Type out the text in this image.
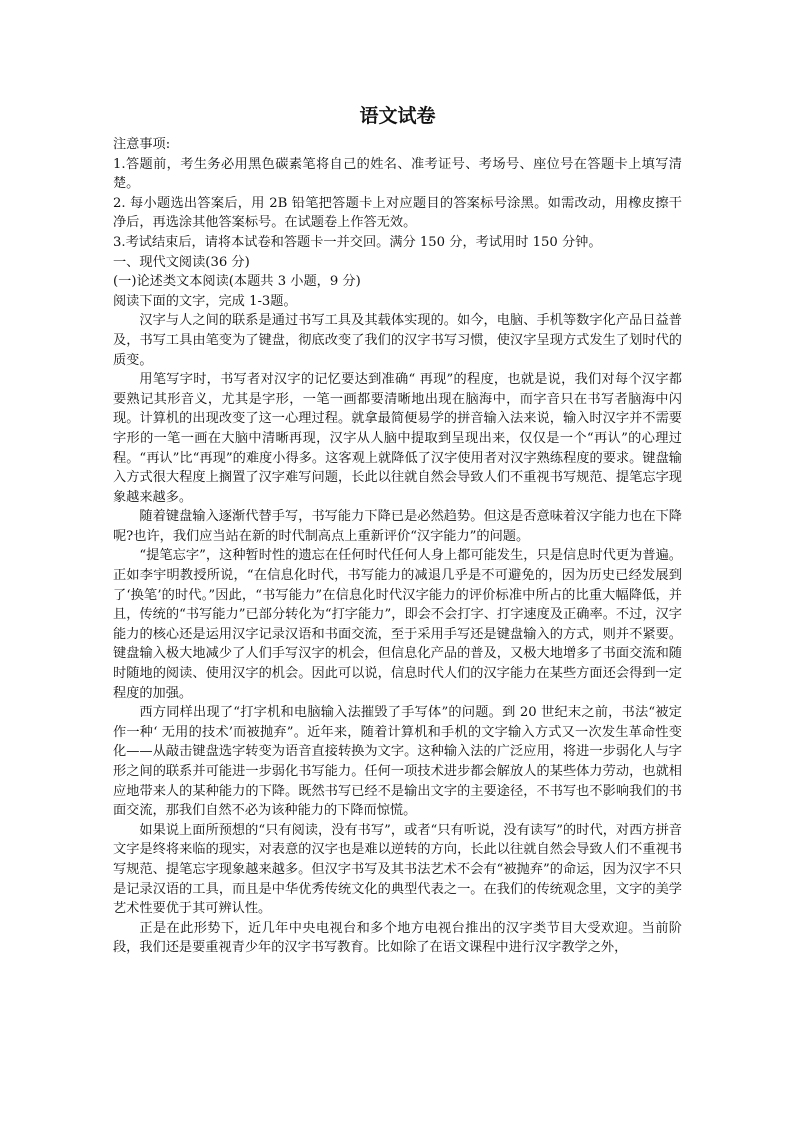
语文试卷

注意事项:

1.答题前，考生务必用黑色碳素笔将自己的姓名、准考证号、考场号、座位号在答题卡上填写清楚。

2. 每小题选出答案后，用 2B 铅笔把答题卡上对应题目的答案标号涂黑。如需改动，用橡皮擦干净后，再选涂其他答案标号。在试题卷上作答无效。

3.考试结束后，请将本试卷和答题卡一并交回。满分 150 分，考试用时 150 分钟。

一、现代文阅读(36 分)

(一)论述类文本阅读(本题共 3 小题，9 分)

阅读下面的文字，完成 1-3题。

汉字与人之间的联系是通过书写工具及其载体实现的。如今，电脑、手机等数字化产品日益普及，书写工具由笔变为了键盘，彻底改变了我们的汉字书写习惯，使汉字呈现方式发生了划时代的质变。

用笔写字时，书写者对汉字的记忆要达到准确“ 再现”的程度，也就是说，我们对每个汉字都要熟记其形音义，尤其是字形，一笔一画都要清晰地出现在脑海中，而字音只在书写者脑海中闪现。计算机的出现改变了这一心理过程。就拿最简便易学的拼音输入法来说，输入时汉字并不需要字形的一笔一画在大脑中清晰再现，汉字从人脑中提取到呈现出来，仅仅是一个“再认”的心理过程。“再认”比“再现”的难度小得多。这客观上就降低了汉字使用者对汉字熟练程度的要求。键盘输入方式很大程度上搁置了汉字难写问题，长此以往就自然会导致人们不重视书写规范、提笔忘字现象越来越多。

随着键盘输入逐渐代替手写，书写能力下降已是必然趋势。但这是否意味着汉字能力也在下降呢?也许，我们应当站在新的时代制高点上重新评价“汉字能力”的问题。

“提笔忘字”，这种暂时性的遗忘在任何时代任何人身上都可能发生，只是信息时代更为普遍。正如李宇明教授所说，“在信息化时代，书写能力的减退几乎是不可避免的，因为历史已经发展到了‘换笔’的时代。”因此，“书写能力”在信息化时代汉字能力的评价标准中所占的比重大幅降低，并且，传统的“书写能力”已部分转化为“打字能力”，即会不会打字、打字速度及正确率。不过，汉字能力的核心还是运用汉字记录汉语和书面交流，至于采用手写还是键盘输入的方式，则并不紧要。键盘输入极大地减少了人们手写汉字的机会，但信息化产品的普及，又极大地增多了书面交流和随时随地的阅读、使用汉字的机会。因此可以说，信息时代人们的汉字能力在某些方面还会得到一定程度的加强。

西方同样出现了“打字机和电脑输入法摧毁了手写体”的问题。到 20 世纪末之前，书法“被定作一种‘ 无用的技术’而被抛弃”。近年来，随着计算机和手机的文字输入方式又一次发生革命性变化——从敲击键盘选字转变为语音直接转换为文字。这种输入法的广泛应用，将进一步弱化人与字形之间的联系并可能进一步弱化书写能力。任何一项技术进步都会解放人的某些体力劳动，也就相应地带来人的某种能力的下降。既然书写已经不是输出文字的主要途径，不书写也不影响我们的书面交流，那我们自然不必为该种能力的下降而惊慌。

如果说上面所预想的“只有阅读，没有书写”，或者“只有听说，没有读写”的时代，对西方拼音文字是终将来临的现实，对表意的汉字也是难以逆转的方向，长此以往就自然会导致人们不重视书写规范、提笔忘字现象越来越多。但汉字书写及其书法艺术不会有“被抛弃”的命运，因为汉字不只是记录汉语的工具，而且是中华优秀传统文化的典型代表之一。在我们的传统观念里，文字的美学艺术性要优于其可辨认性。

正是在此形势下，近几年中央电视台和多个地方电视台推出的汉字类节目大受欢迎。当前阶段，我们还是要重视青少年的汉字书写教育。比如除了在语文课程中进行汉字教学之外，
